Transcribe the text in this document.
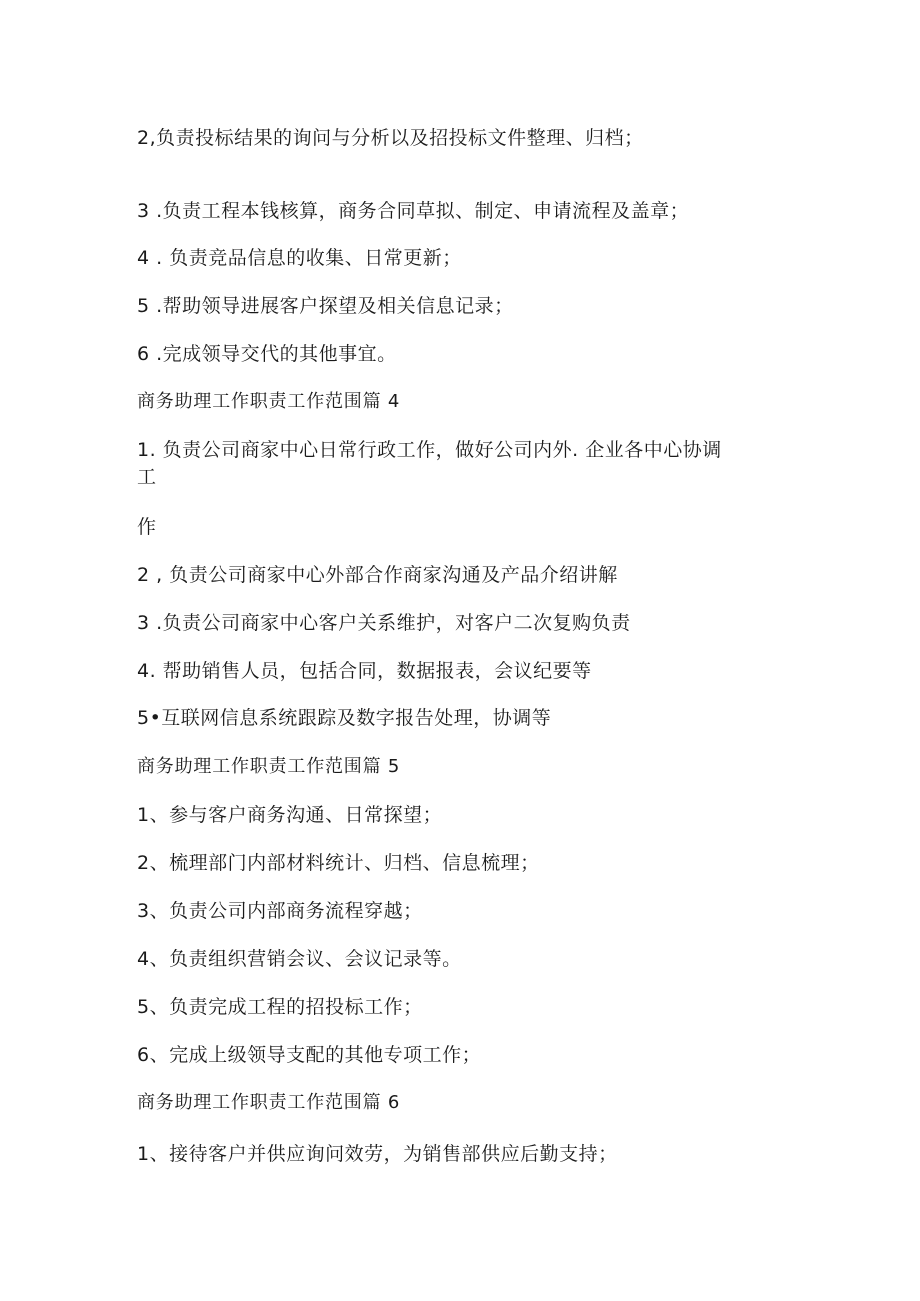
2,负责投标结果的询问与分析以及招投标文件整理、归档；
3 .负责工程本钱核算，商务合同草拟、制定、申请流程及盖章；
4 . 负责竞品信息的收集、日常更新；
5 .帮助领导进展客户探望及相关信息记录；
6 .完成领导交代的其他事宜。
商务助理工作职责工作范围篇 4
1. 负责公司商家中心日常行政工作，做好公司内外. 企业各中心协调
工
作
2 , 负责公司商家中心外部合作商家沟通及产品介绍讲解
3 .负责公司商家中心客户关系维护，对客户二次复购负责
4. 帮助销售人员，包括合同，数据报表，会议纪要等
5•互联网信息系统跟踪及数字报告处理，协调等
商务助理工作职责工作范围篇 5
1、参与客户商务沟通、日常探望；
2、梳理部门内部材料统计、归档、信息梳理；
3、负责公司内部商务流程穿越；
4、负责组织营销会议、会议记录等。
5、负责完成工程的招投标工作；
6、完成上级领导支配的其他专项工作；
商务助理工作职责工作范围篇 6
1、接待客户并供应询问效劳，为销售部供应后勤支持；
